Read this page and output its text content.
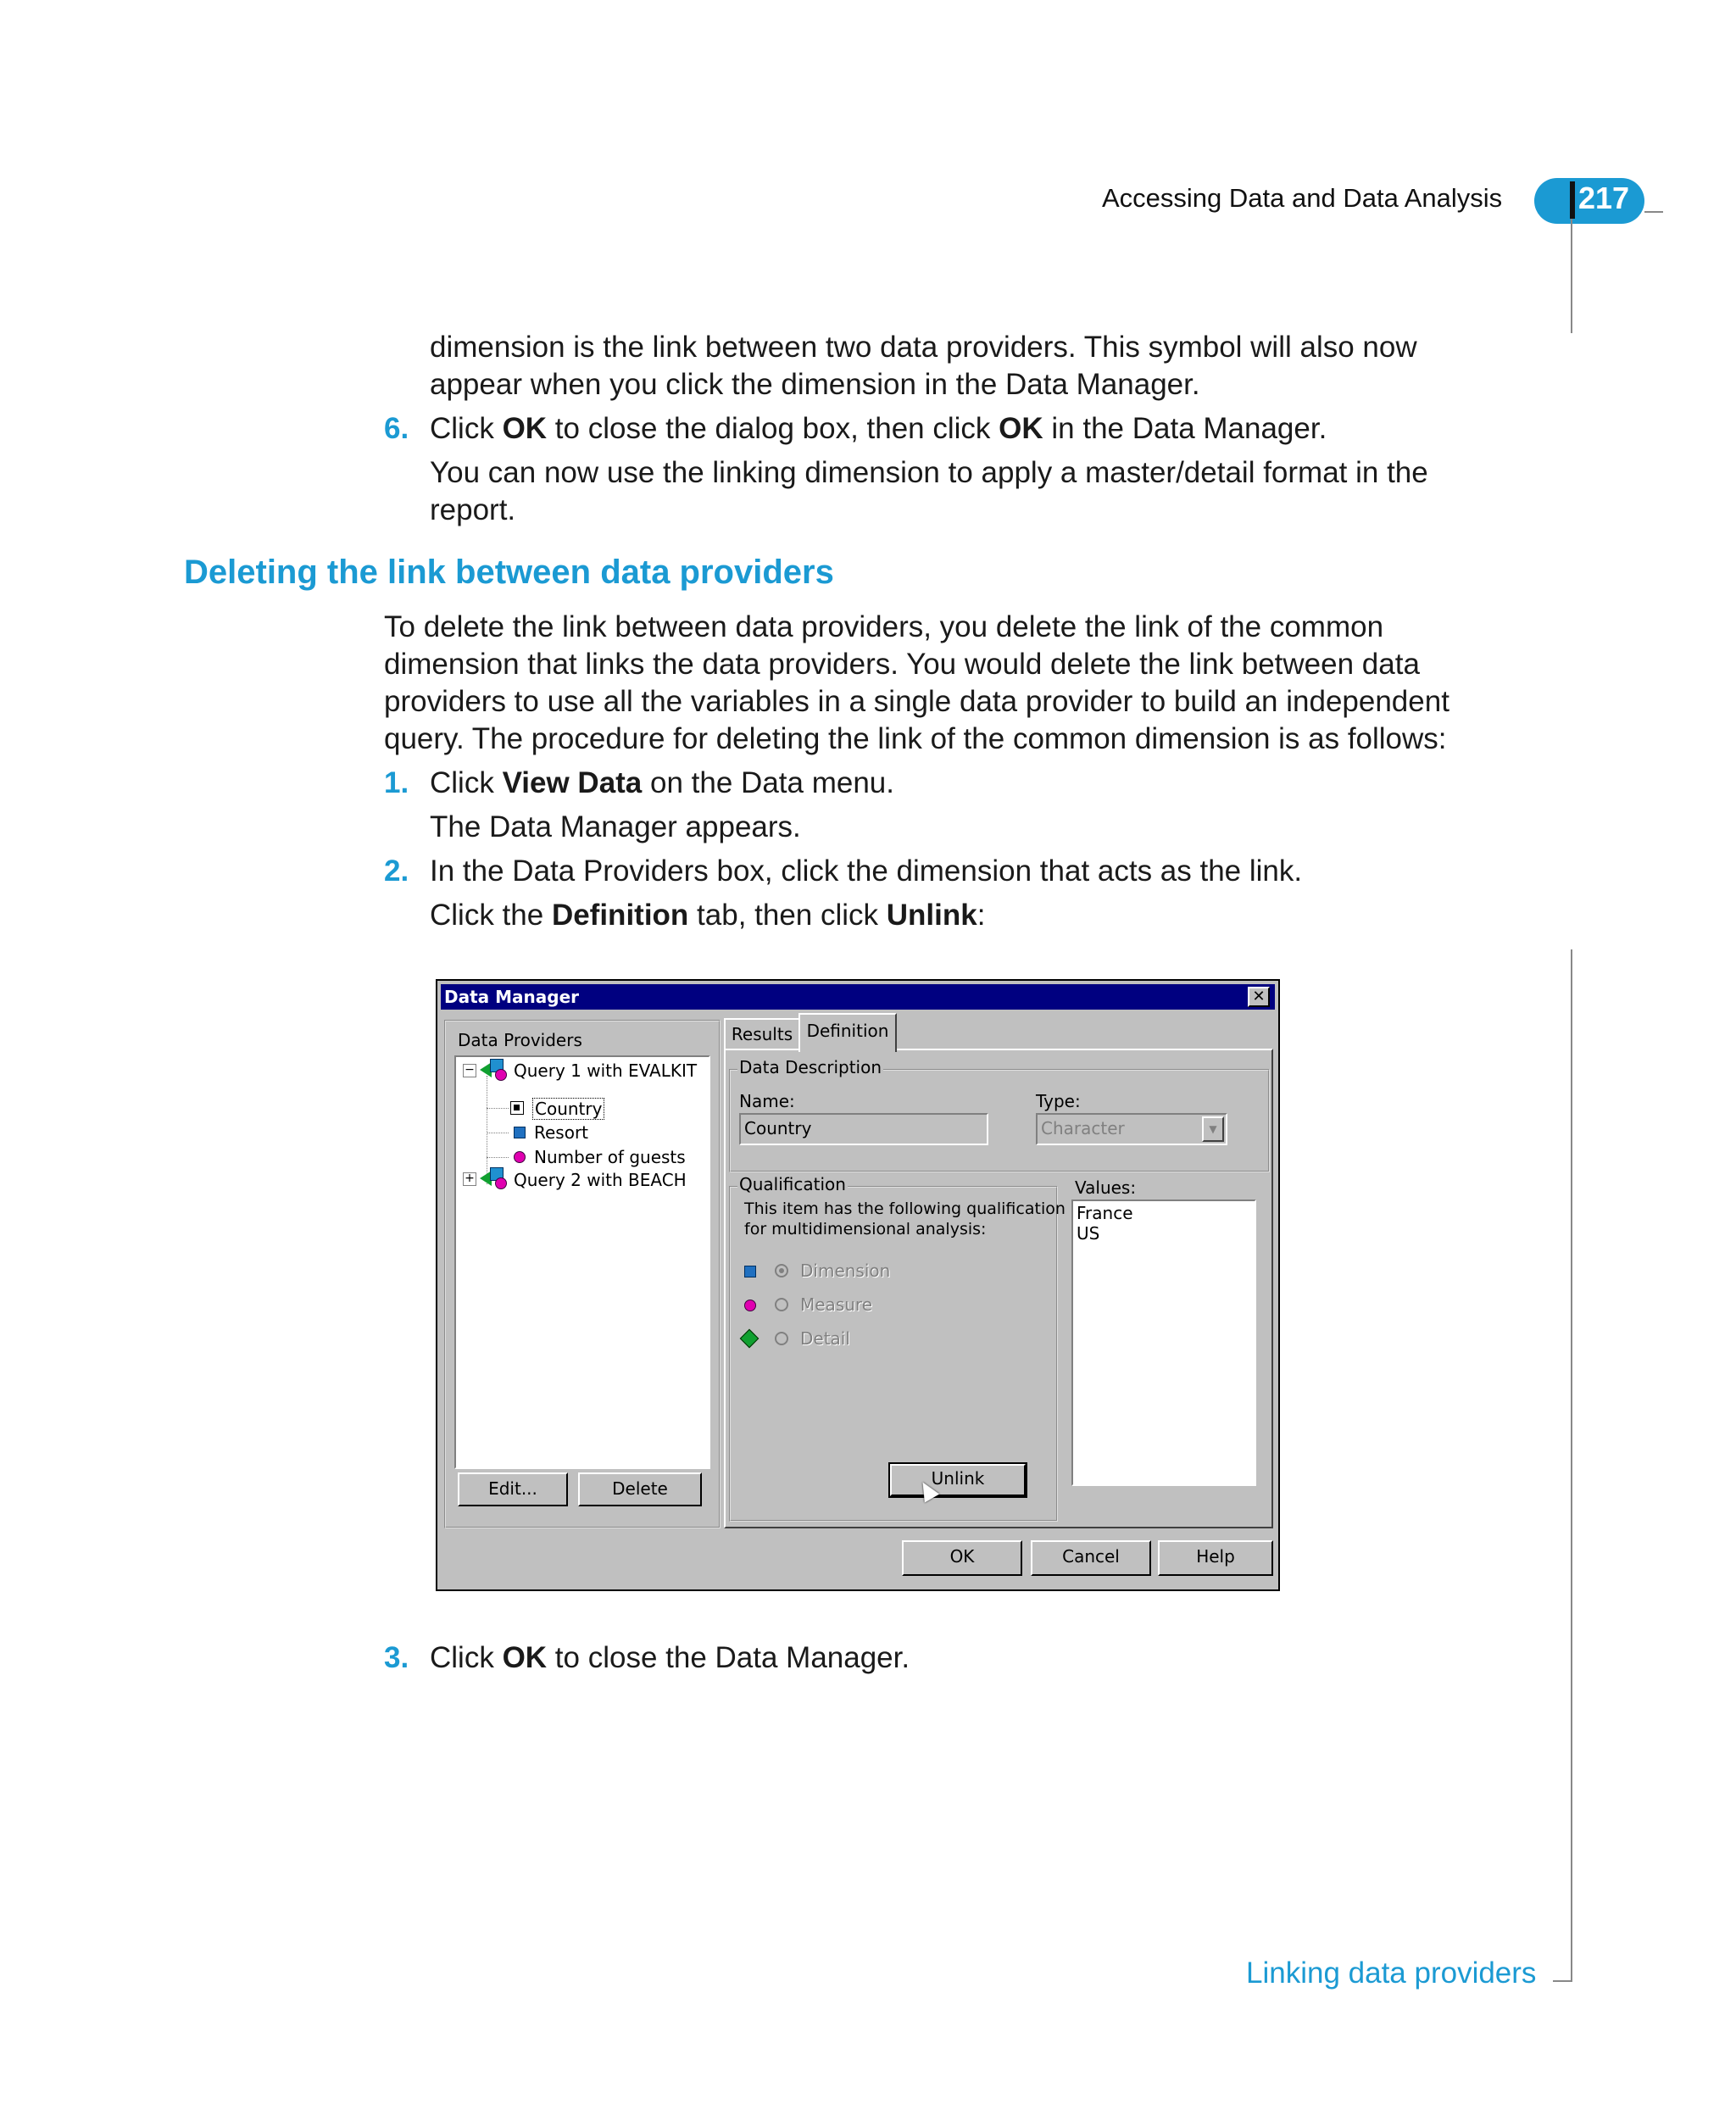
Accessing Data and Data Analysis 217

dimension is the link between two data providers. This symbol will also now

appear when you click the dimension in the Data Manager.

6. Click OK to close the dialog box, then click OK in the Data Manager.

You can now use the linking dimension to apply a master/detail format in the

report.

Deleting the link between data providers

To delete the link between data providers, you delete the link of the common

dimension that links the data providers. You would delete the link between data

providers to use all the variables in a single data provider to build an independent

query. The procedure for deleting the link of the common dimension is as follows:

1. Click View Data on the Data menu.

The Data Manager appears.

2. In the Data Providers box, click the dimension that acts as the link.

Click the Definition tab, then click Unlink:

Data Manager	✕
Data Providers
− Query 1 with EVALKIT
Country
Resort
Number of guests
+ Query 2 with BEACH
Edit...	Delete
Results Definition
Data Description
Name:
Country
Type:
Character	▼
Qualification
This item has the following qualification
for multidimensional analysis:
Dimension
Measure
Detail
Unlink
Values:
France
US
OK	Cancel	Help
3. Click OK to close the Data Manager.

Linking data providers
